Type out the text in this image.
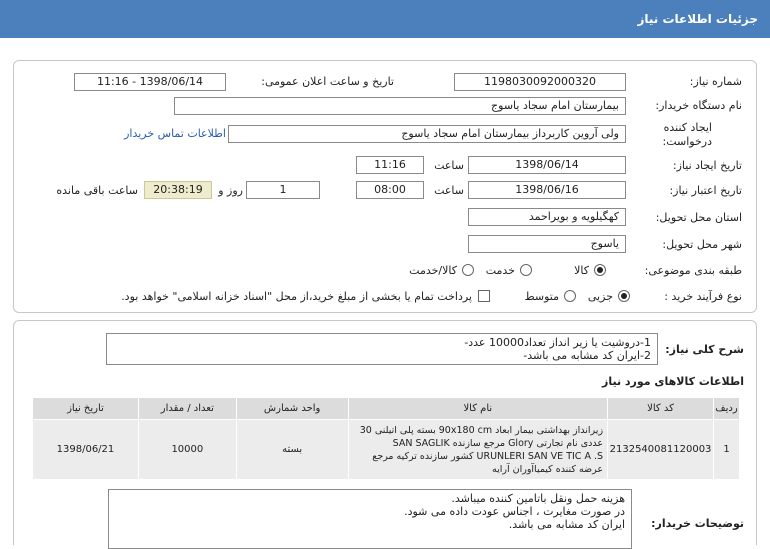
جزئیات اطلاعات نیاز
شماره نیاز:
1198030092000320
تاریخ و ساعت اعلان عمومی:
1398/06/14 - 11:16
نام دستگاه خریدار:
بیمارستان امام سجاد یاسوج
ایجاد کننده
درخواست:
ولی آروین کاربرداز بیمارستان امام سجاد یاسوج
اطلاعات تماس خریدار
تاریخ ایجاد نیاز:
1398/06/14
ساعت
11:16
تاریخ اعتبار نیاز:
1398/06/16
ساعت
08:00
1
روز و
20:38:19
ساعت باقی مانده
استان محل تحویل:
کهگیلویه و بویراحمد
شهر محل تحویل:
یاسوج
طبقه بندی موضوعی:
کالا
خدمت
کالا/خدمت
نوع فرآیند خرید :
جزیی
متوسط
پرداخت تمام یا بخشی از مبلغ خرید،از محل "اسناد خزانه اسلامی" خواهد بود.
شرح کلی نیاز:
1-دروشیت یا زیر انداز تعداد10000 عدد-
2-ایران کد مشابه می باشد-
اطلاعات کالاهای مورد نیاز
ردیف	کد کالا	نام کالا	واحد شمارش	تعداد / مقدار	تاریخ نیاز
1	2132540081120003	زیرانداز بهداشتی بیمار ابعاد 90x180 cm بسته پلی اتیلنی 30 عددی نام تجارتی Glory مرجع سازنده SAN SAGLIK URUNLERI SAN VE TIC A .S کشور سازنده ترکیه مرجع عرضه کننده کیمیاآوران آرایه	بسته	10000	1398/06/21
توضیحات خریدار:
هزینه حمل ونقل باتامین کننده میباشد.
در صورت مغایرت ، اجناس عودت داده می شود.
ایران کد مشابه می باشد.
